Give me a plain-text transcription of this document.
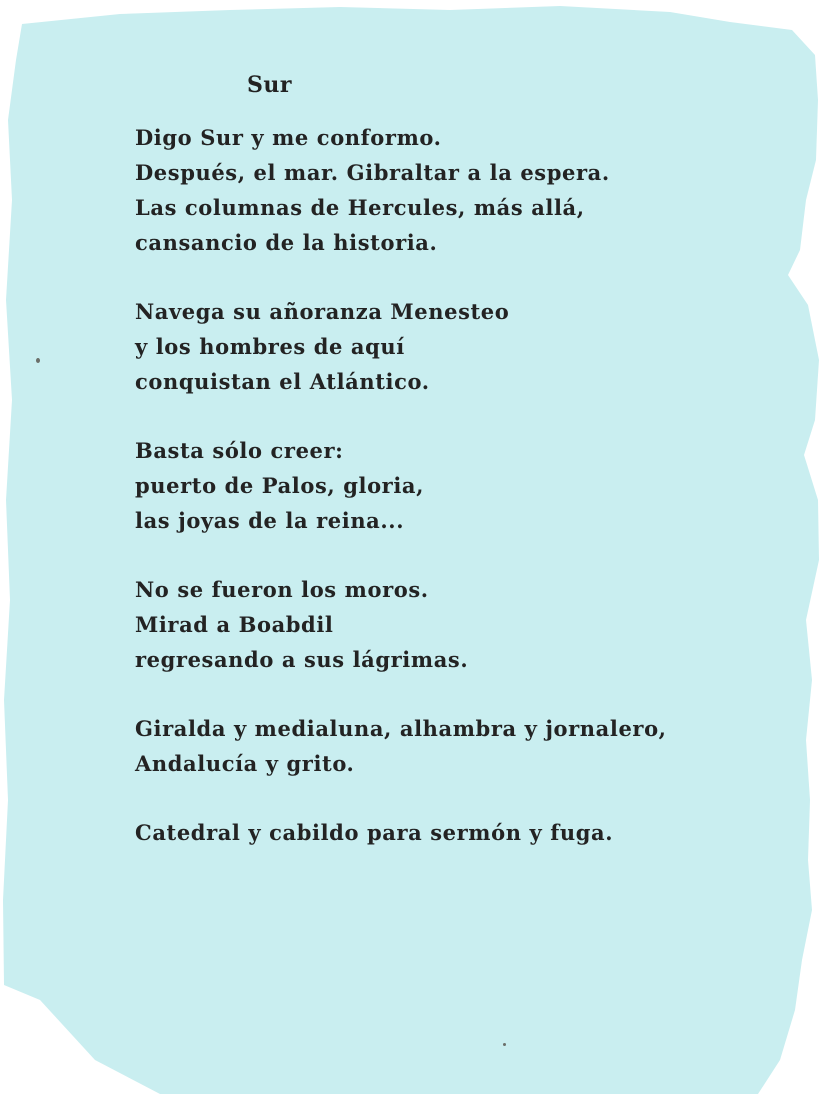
Sur
Digo Sur y me conformo.
Después, el mar. Gibraltar a la espera.
Las columnas de Hercules, más allá,
cansancio de la historia.
Navega su añoranza Menesteo
y los hombres de aquí
conquistan el Atlántico.
Basta sólo creer:
puerto de Palos, gloria,
las joyas de la reina...
No se fueron los moros.
Mirad a Boabdil
regresando a sus lágrimas.
Giralda y medialuna, alhambra y jornalero,
Andalucía y grito.
Catedral y cabildo para sermón y fuga.
